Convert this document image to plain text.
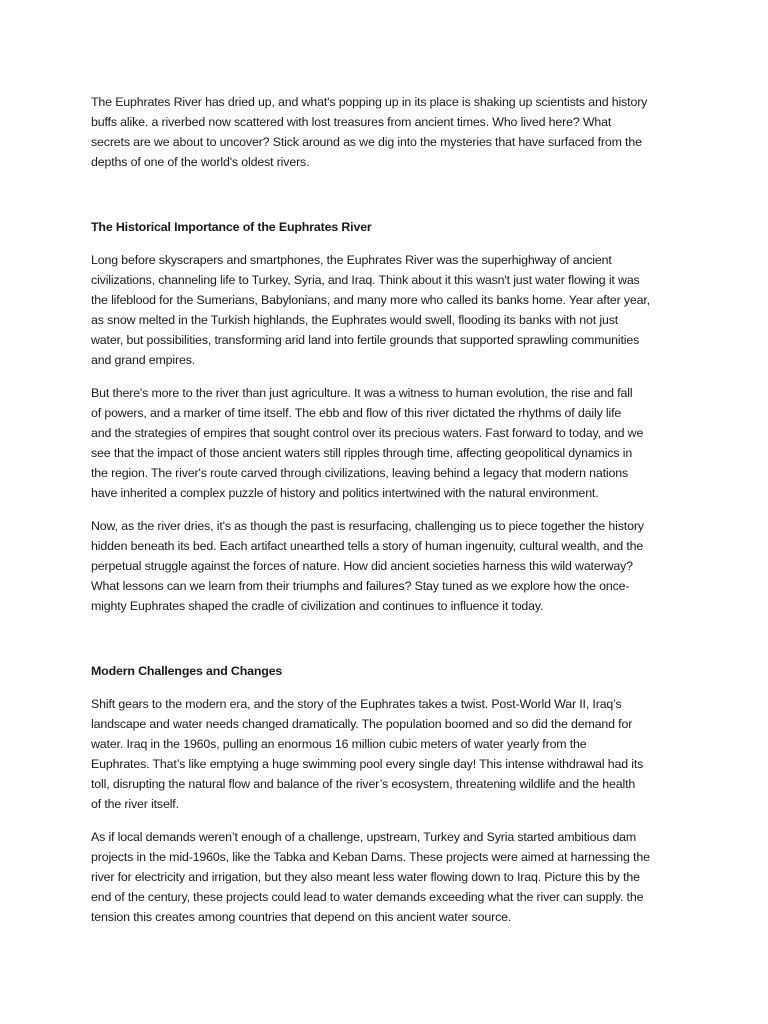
The Euphrates River has dried up, and what's popping up in its place is shaking up scientists and history
buffs alike. a riverbed now scattered with lost treasures from ancient times. Who lived here? What
secrets are we about to uncover? Stick around as we dig into the mysteries that have surfaced from the
depths of one of the world's oldest rivers.

The Historical Importance of the Euphrates River

Long before skyscrapers and smartphones, the Euphrates River was the superhighway of ancient
civilizations, channeling life to Turkey, Syria, and Iraq. Think about it this wasn't just water flowing it was
the lifeblood for the Sumerians, Babylonians, and many more who called its banks home. Year after year,
as snow melted in the Turkish highlands, the Euphrates would swell, flooding its banks with not just
water, but possibilities, transforming arid land into fertile grounds that supported sprawling communities
and grand empires.

But there's more to the river than just agriculture. It was a witness to human evolution, the rise and fall
of powers, and a marker of time itself. The ebb and flow of this river dictated the rhythms of daily life
and the strategies of empires that sought control over its precious waters. Fast forward to today, and we
see that the impact of those ancient waters still ripples through time, affecting geopolitical dynamics in
the region. The river's route carved through civilizations, leaving behind a legacy that modern nations
have inherited a complex puzzle of history and politics intertwined with the natural environment.

Now, as the river dries, it's as though the past is resurfacing, challenging us to piece together the history
hidden beneath its bed. Each artifact unearthed tells a story of human ingenuity, cultural wealth, and the
perpetual struggle against the forces of nature. How did ancient societies harness this wild waterway?
What lessons can we learn from their triumphs and failures? Stay tuned as we explore how the once-
mighty Euphrates shaped the cradle of civilization and continues to influence it today.

Modern Challenges and Changes

Shift gears to the modern era, and the story of the Euphrates takes a twist. Post-World War II, Iraq’s
landscape and water needs changed dramatically. The population boomed and so did the demand for
water. Iraq in the 1960s, pulling an enormous 16 million cubic meters of water yearly from the
Euphrates. That’s like emptying a huge swimming pool every single day! This intense withdrawal had its
toll, disrupting the natural flow and balance of the river’s ecosystem, threatening wildlife and the health
of the river itself.

As if local demands weren’t enough of a challenge, upstream, Turkey and Syria started ambitious dam
projects in the mid-1960s, like the Tabka and Keban Dams. These projects were aimed at harnessing the
river for electricity and irrigation, but they also meant less water flowing down to Iraq. Picture this by the
end of the century, these projects could lead to water demands exceeding what the river can supply. the
tension this creates among countries that depend on this ancient water source.
